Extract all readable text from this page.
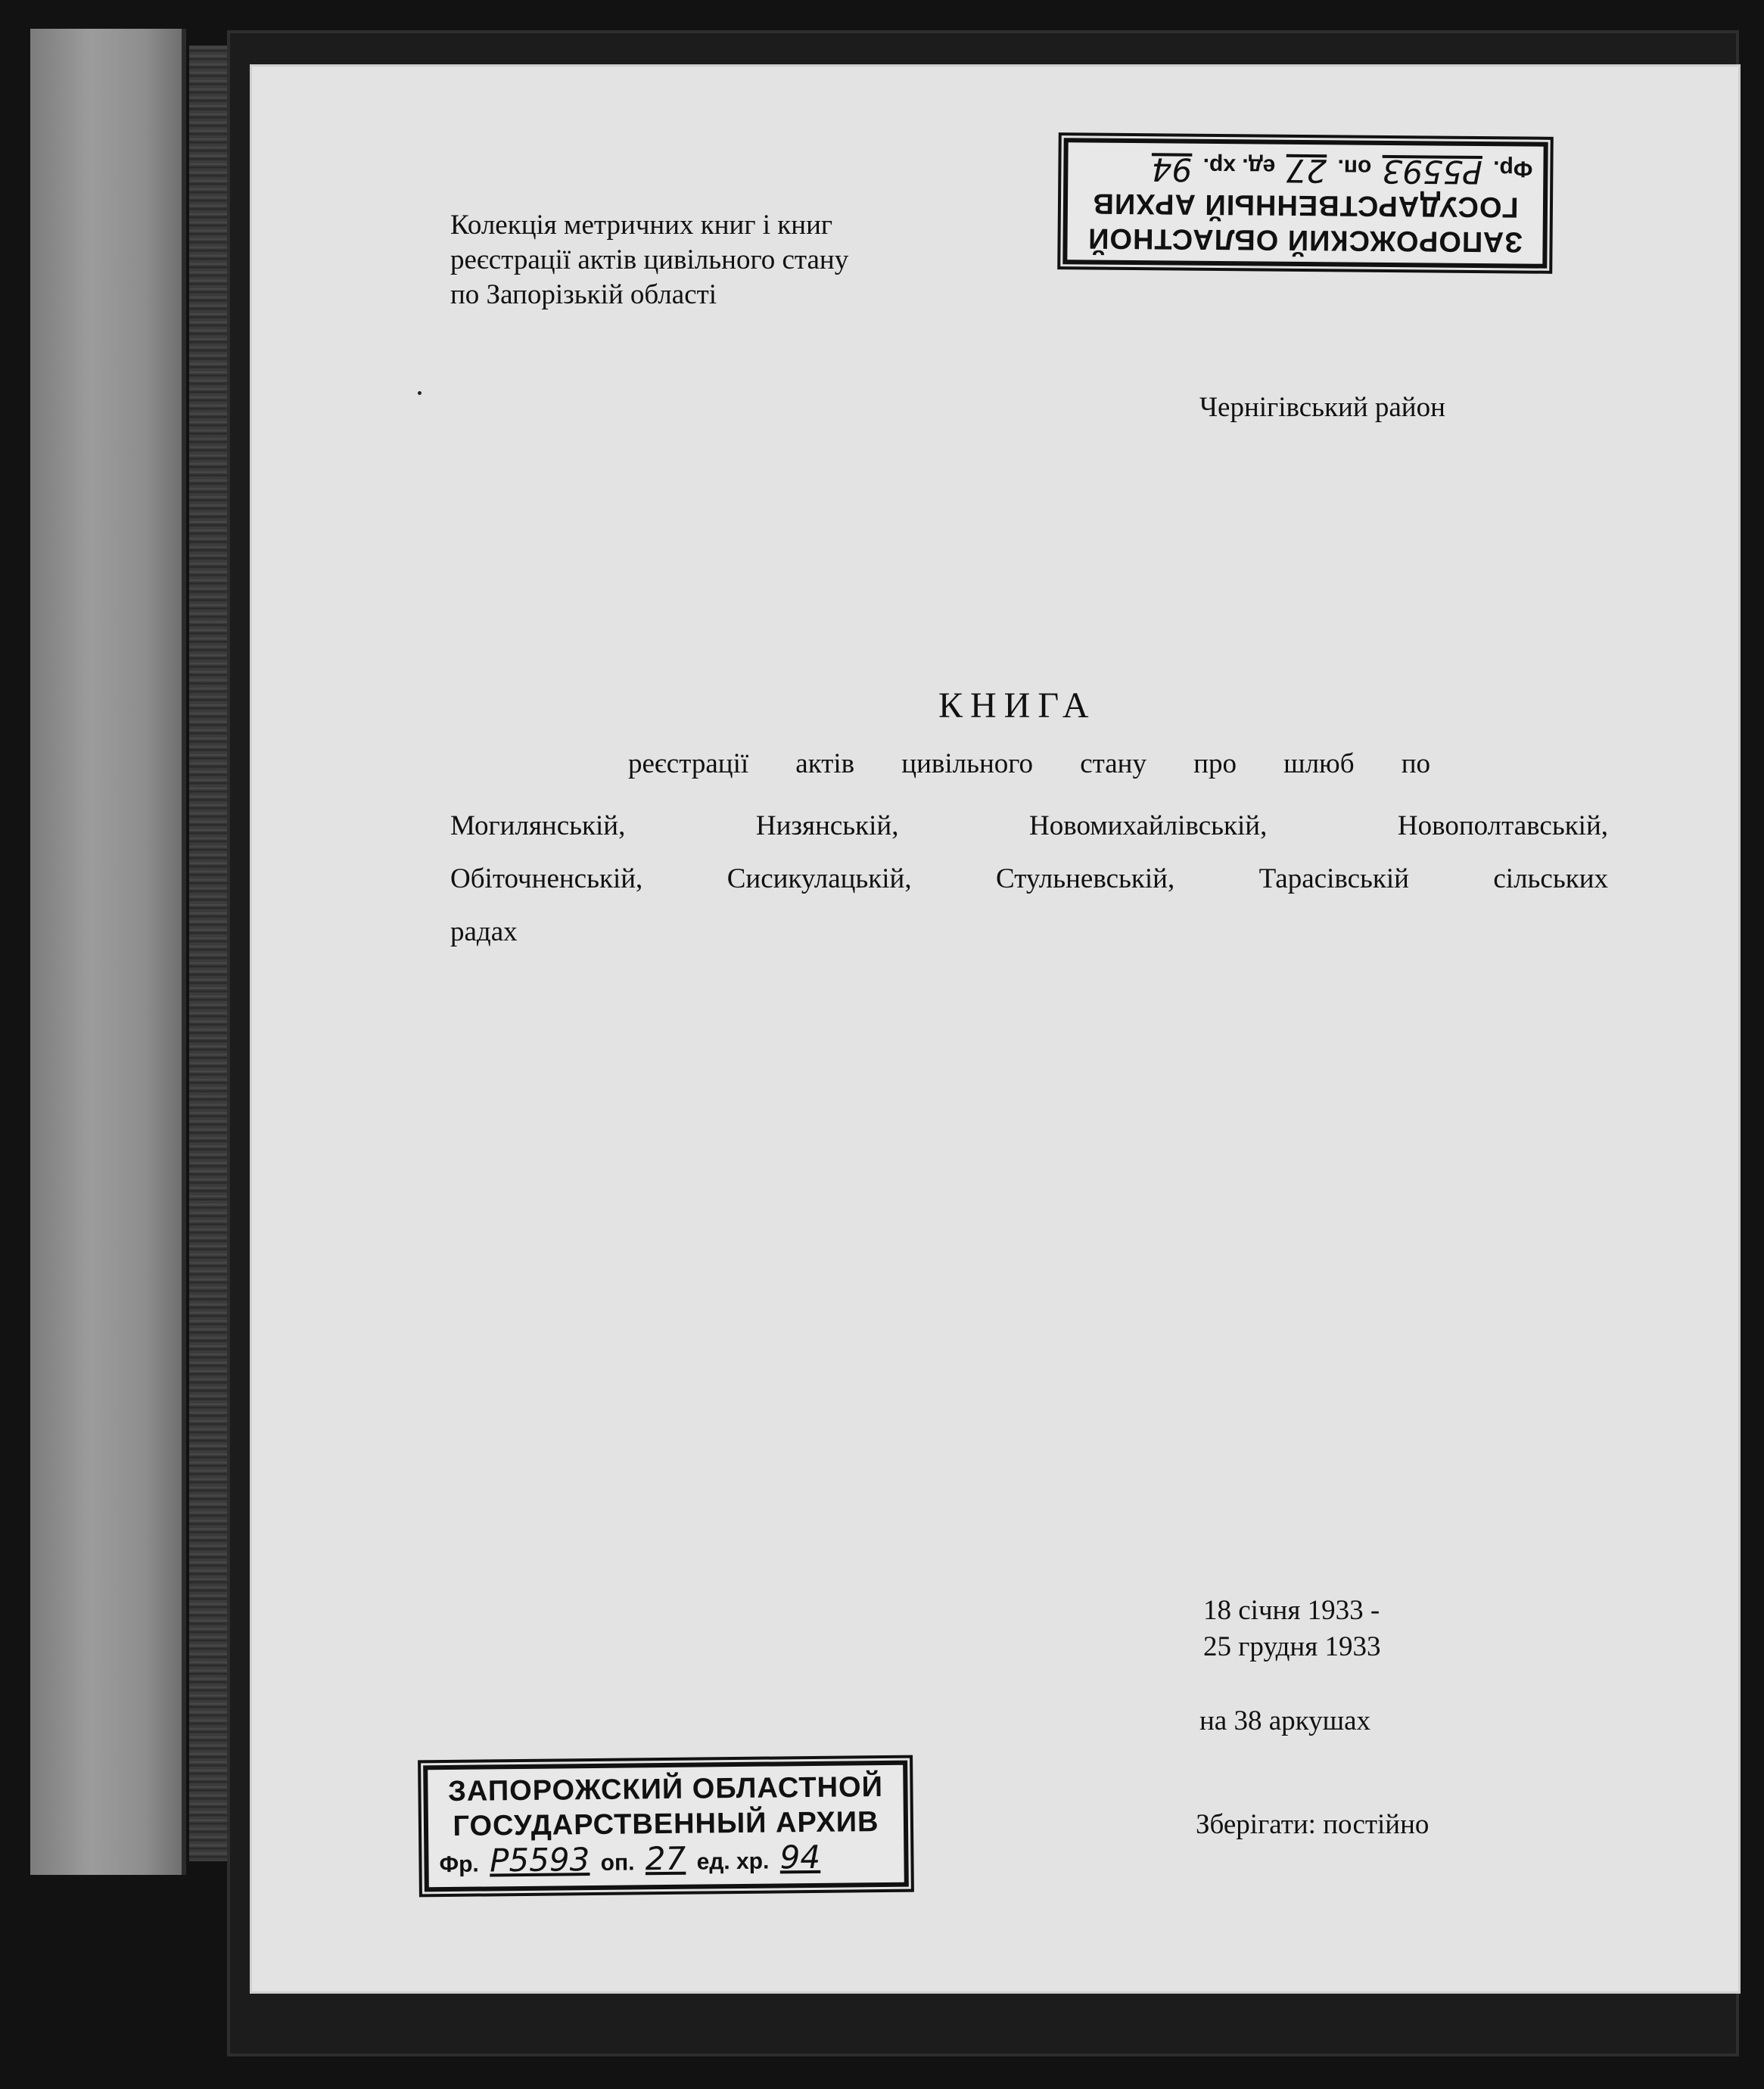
ЗАПОРОЖСКИЙ ОБЛАСТНОЙ
ГОСУДАРСТВЕННЫЙ АРХИВ
Фр. Р5593 оп. 27 ед. хр. 94
Колекція метричних книг і книг
реєстрації актів цивільного стану
по Запорізькій області
Чернігівський район
КНИГА
реєстрації актів цивільного стану про шлюб по
Могилянській, Низянській, Новомихайлівській, Новополтавській,
Обіточненській, Сисикулацькій, Стульневській, Тарасівській сільських
радах
18 січня 1933 -
25 грудня 1933
на 38 аркушах
Зберігати: постійно
ЗАПОРОЖСКИЙ ОБЛАСТНОЙ
ГОСУДАРСТВЕННЫЙ АРХИВ
Фр. Р5593 оп. 27 ед. хр. 94
